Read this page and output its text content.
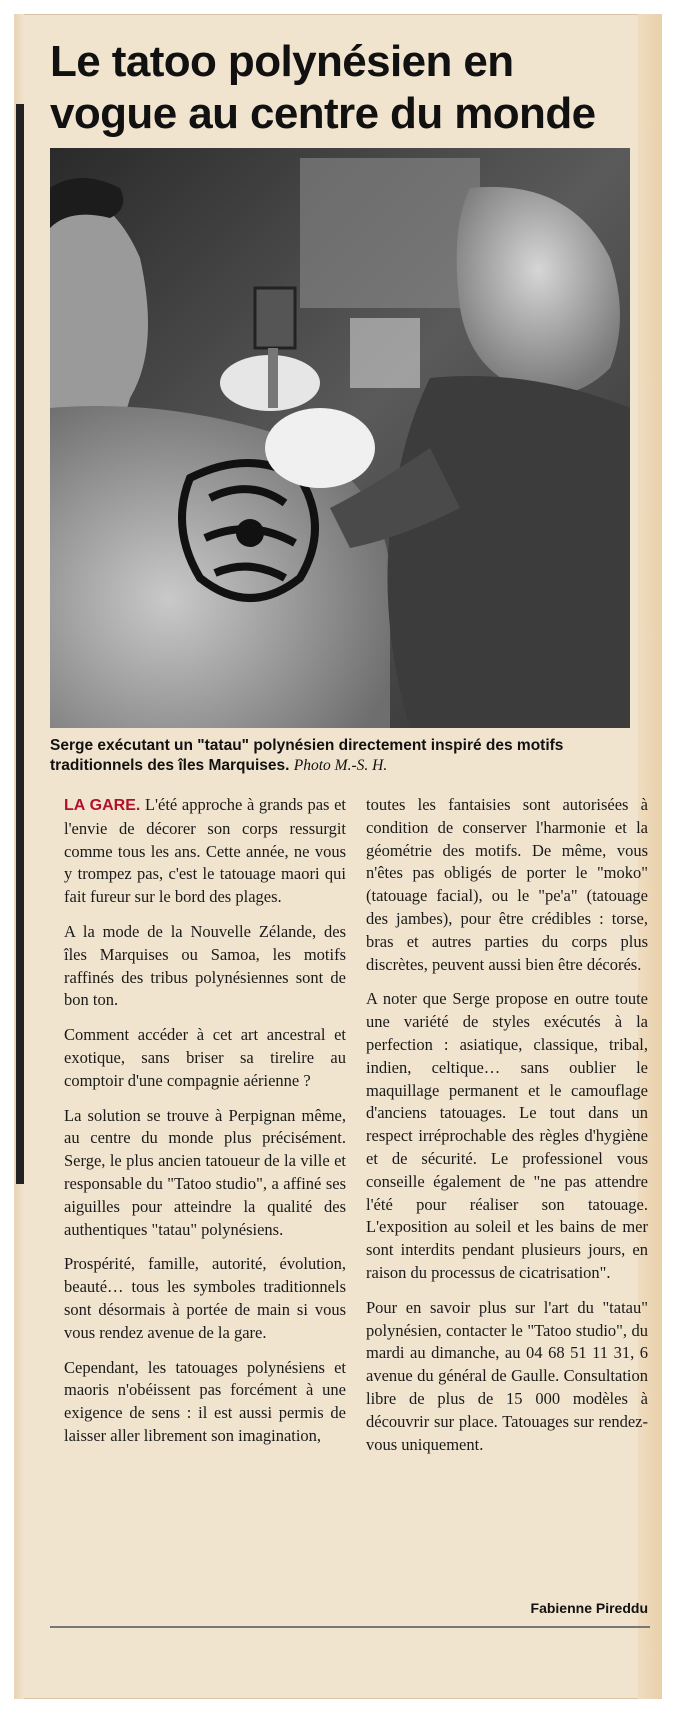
Le tatoo polynésien en vogue au centre du monde

Serge exécutant un "tatau" polynésien directement inspiré des motifs traditionnels des îles Marquises. Photo M.-S. H.

LA GARE. L'été approche à grands pas et l'envie de décorer son corps ressurgit comme tous les ans. Cette année, ne vous y trompez pas, c'est le tatouage maori qui fait fureur sur le bord des plages.

A la mode de la Nouvelle Zélande, des îles Marquises ou Samoa, les motifs raffinés des tribus polynésiennes sont de bon ton.

Comment accéder à cet art ancestral et exotique, sans briser sa tirelire au comptoir d'une compagnie aérienne ?

La solution se trouve à Perpignan même, au centre du monde plus précisément. Serge, le plus ancien tatoueur de la ville et responsable du "Tatoo studio", a affiné ses aiguilles pour atteindre la qualité des authentiques "tatau" polynésiens.

Prospérité, famille, autorité, évolution, beauté… tous les symboles traditionnels sont désormais à portée de main si vous vous rendez avenue de la gare.

Cependant, les tatouages polynésiens et maoris n'obéissent pas forcément à une exigence de sens : il est aussi permis de laisser aller librement son imagination,

toutes les fantaisies sont autorisées à condition de conserver l'harmonie et la géométrie des motifs. De même, vous n'êtes pas obligés de porter le "moko" (tatouage facial), ou le "pe'a" (tatouage des jambes), pour être crédibles : torse, bras et autres parties du corps plus discrètes, peuvent aussi bien être décorés.

A noter que Serge propose en outre toute une variété de styles exécutés à la perfection : asiatique, classique, tribal, indien, celtique… sans oublier le maquillage permanent et le camouflage d'anciens tatouages. Le tout dans un respect irréprochable des règles d'hygiène et de sécurité. Le professionel vous conseille également de "ne pas attendre l'été pour réaliser son tatouage. L'exposition au soleil et les bains de mer sont interdits pendant plusieurs jours, en raison du processus de cicatrisation".

Pour en savoir plus sur l'art du "tatau" polynésien, contacter le "Tatoo studio", du mardi au dimanche, au 04 68 51 11 31, 6 avenue du général de Gaulle. Consultation libre de plus de 15 000 modèles à découvrir sur place. Tatouages sur rendez-vous uniquement.

Fabienne Pireddu
